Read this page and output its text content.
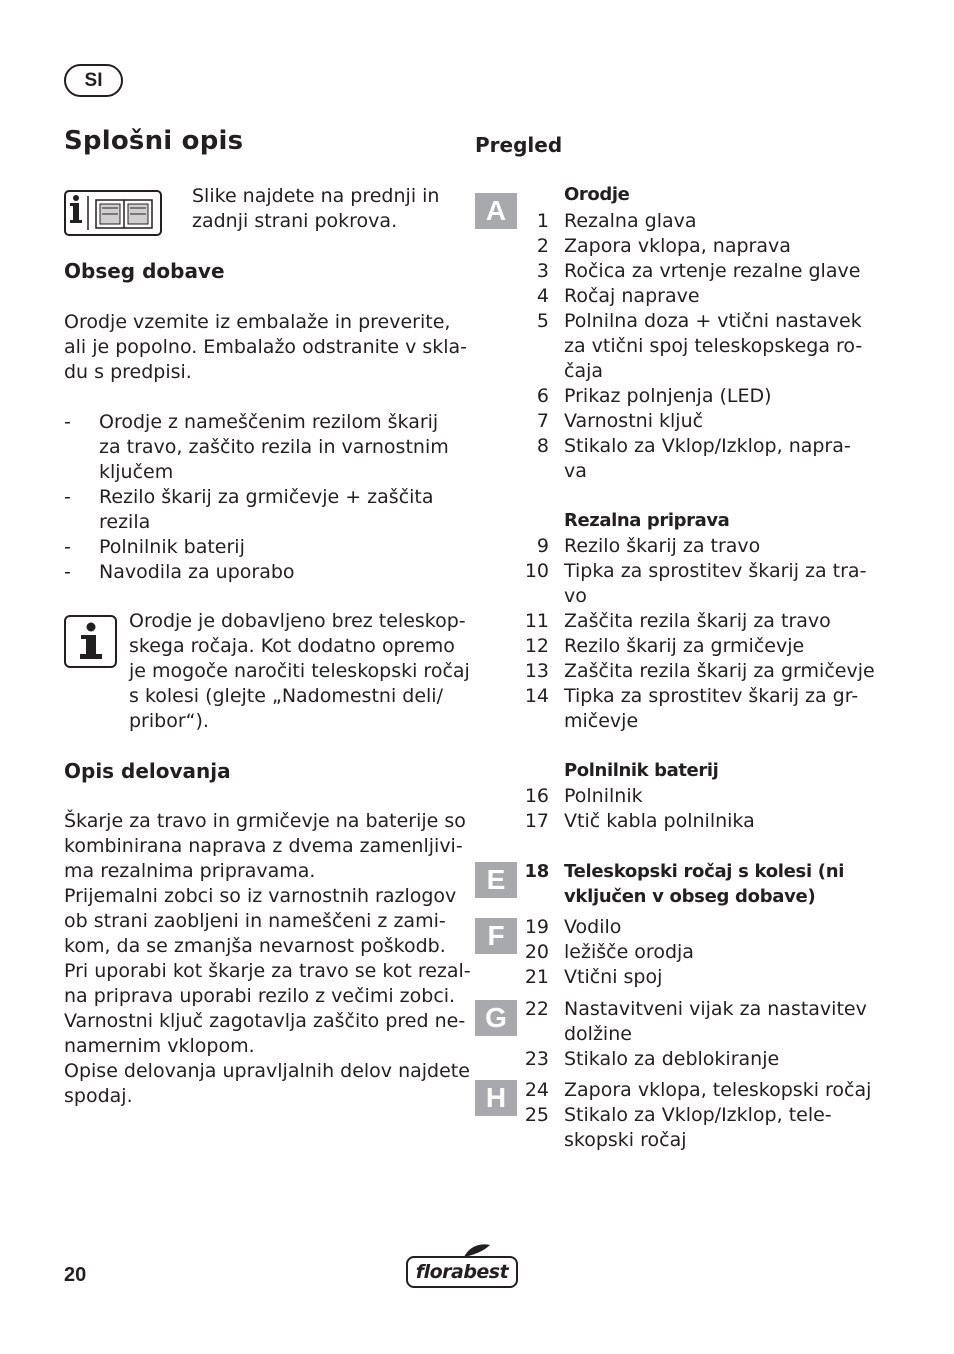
SI
Splošni opis
Slike najdete na prednji in
zadnji strani pokrova.
Obseg dobave
Orodje vzemite iz embalaže in preverite,
ali je popolno. Embalažo odstranite v skla-
du s predpisi.
- Orodje z nameščenim rezilom škarij
za travo, zaščito rezila in varnostnim
ključem
- Rezilo škarij za grmičevje + zaščita
rezila
- Polnilnik baterij
- Navodila za uporabo
Orodje je dobavljeno brez teleskop-
skega ročaja. Kot dodatno opremo
je mogoče naročiti teleskopski ročaj
s kolesi (glejte „Nadomestni deli/
pribor“).
Opis delovanja
Škarje za travo in grmičevje na baterije so
kombinirana naprava z dvema zamenljivi-
ma rezalnima pripravama.
Prijemalni zobci so iz varnostnih razlogov
ob strani zaobljeni in nameščeni z zami-
kom, da se zmanjša nevarnost poškodb.
Pri uporabi kot škarje za travo se kot rezal-
na priprava uporabi rezilo z večimi zobci.
Varnostni ključ zagotavlja zaščito pred ne-
namernim vklopom.
Opise delovanja upravljalnih delov najdete
spodaj.
Pregled
A
E
F
G
H
Orodje
Rezalna priprava
Polnilnik baterij
1 Rezalna glava
2 Zapora vklopa, naprava
3 Ročica za vrtenje rezalne glave
4 Ročaj naprave
5 Polnilna doza + vtični nastavek
za vtični spoj teleskopskega ro-
čaja
6 Prikaz polnjenja (LED)
7 Varnostni ključ
8 Stikalo za Vklop/Izklop, napra-
va
9 Rezilo škarij za travo
10 Tipka za sprostitev škarij za tra-
vo
11 Zaščita rezila škarij za travo
12 Rezilo škarij za grmičevje
13 Zaščita rezila škarij za grmičevje
14 Tipka za sprostitev škarij za gr-
mičevje
16 Polnilnik
17 Vtič kabla polnilnika
18 Teleskopski ročaj s kolesi (ni
vključen v obseg dobave)
19 Vodilo
20 ležišče orodja
21 Vtični spoj
22 Nastavitveni vijak za nastavitev
dolžine
23 Stikalo za deblokiranje
24 Zapora vklopa, teleskopski ročaj
25 Stikalo za Vklop/Izklop, tele-
skopski ročaj
20	florabest
